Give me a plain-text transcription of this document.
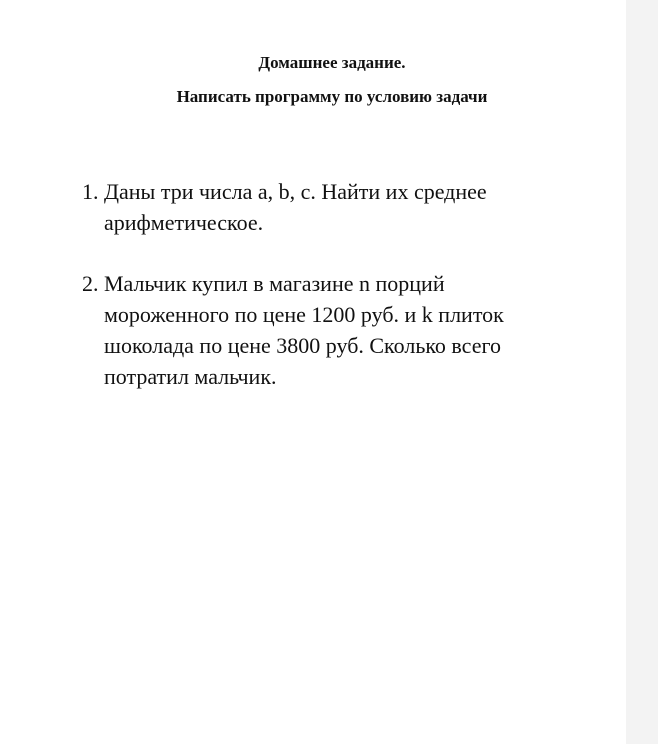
Домашнее задание.
Написать программу по условию задачи
1. Даны три числа a, b, c. Найти их среднее арифметическое.
2. Мальчик купил в магазине n порций мороженного по цене 1200 руб. и k плиток шоколада по цене 3800 руб. Сколько всего потратил мальчик.
